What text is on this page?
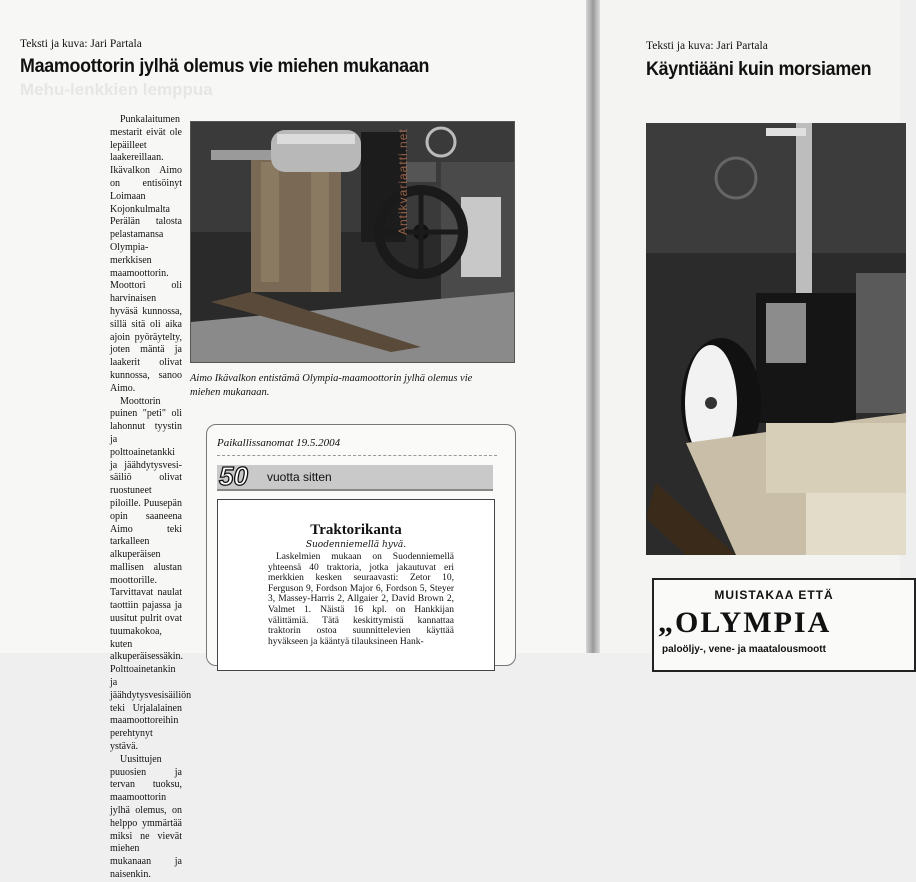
Teksti ja kuva: Jari Partala
Maamoottorin jylhä olemus vie miehen mukanaan
Mehu-lenkkien lemppua

Punkalaitumen mestarit eivät ole lepäilleet laakereillaan. Ikävalkon Aimo on entisöinyt Loimaan Kojonkulmalta Perälän talosta pelastamansa Olympia-merkkisen maamoottorin. Moottori oli harvinaisen hyväsä kunnossa, sillä sitä oli aika ajoin pyöräytelty, joten mäntä ja laakerit olivat kunnossa, sanoo Aimo.

Moottorin puinen "peti" oli lahonnut tyystin ja polttoainetankki ja jäähdytysvesi-säiliö olivat ruostuneet piloille. Puusepän opin saaneena Aimo teki tarkalleen alkuperäisen mallisen alustan moottorille. Tarvittavat naulat taottiin pajassa ja uusitut pulrit ovat tuumakokoa, kuten alkuperäisessäkin. Polttoainetankin ja jäähdytysvesisäiliön teki Urjalalainen maamoottoreihin perehtynyt ystävä.

Uusittujen puuosien ja tervan tuoksu, maamoottorin jylhä olemus, on helppo ymmärtää miksi ne vievät miehen mukanaan ja naisenkin.

Aimo Ikävalkon entistämä Olympia-maamoottorin jylhä olemus vie miehen mukanaan.
Paikallissanomat 19.5.2004
50 vuotta sitten
Traktorikanta
Suodenniemellä hyvä.
Laskelmien mukaan on Suodenniemellä yhteensä 40 traktoria, jotka jakautuvat eri merkkien kesken seuraavasti: Zetor 10, Ferguson 9, Fordson Major 6, Fordson 5, Steyer 3, Massey-Harris 2, Allgaier 2, David Brown 2, Valmet 1. Näistä 16 kpl. on Hankkijan välittämiä. Tätä keskittymistä kannattaa traktorin ostoa suunnittelevien käyttää hyväkseen ja kääntyä tilauksineen Hank-
Antikvariaatti.net
Teksti ja kuva: Jari Partala
Käyntiääni kuin morsiamen
MUISTAKAA ETTÄ
„OLYMPIA
paloöljy-, vene- ja maatalousmoott
